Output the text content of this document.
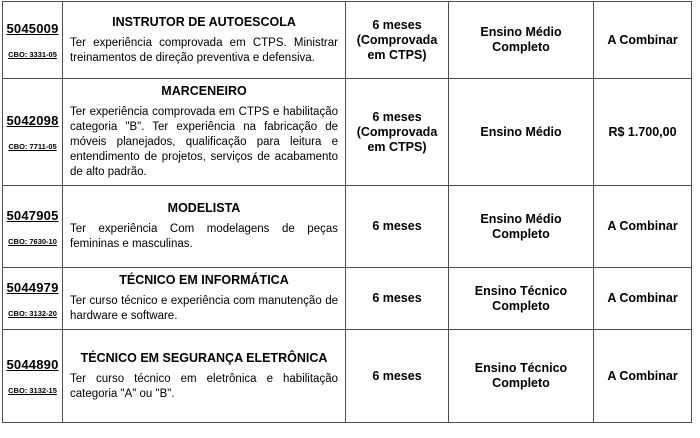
5045009
CBO: 3331-05

INSTRUTOR DE AUTOESCOLA
Ter experiência comprovada em CTPS. Ministrar treinamentos de direção preventiva e defensiva.
	6 meses (Comprovada em CTPS)	Ensino Médio Completo	A Combinar

5042098
CBO: 7711-05

MARCENEIRO
Ter experiência comprovada em CTPS e habilitação categoria "B". Ter experiência na fabricação de móveis planejados, qualificação para leitura e entendimento de projetos, serviços de acabamento de alto padrão.
	6 meses (Comprovada em CTPS)	Ensino Médio	R$ 1.700,00

5047905
CBO: 7630-10

MODELISTA
Ter experiência Com modelagens de peças femininas e masculinas.
	6 meses	Ensino Médio Completo	A Combinar

5044979
CBO: 3132-20

TÉCNICO EM INFORMÁTICA
Ter curso técnico e experiência com manutenção de hardware e software.
	6 meses	Ensino Técnico Completo	A Combinar

5044890
CBO: 3132-15

TÉCNICO EM SEGURANÇA ELETRÔNICA
Ter curso técnico em eletrônica e habilitação categoria "A" ou "B".
	6 meses	Ensino Técnico Completo	A Combinar
